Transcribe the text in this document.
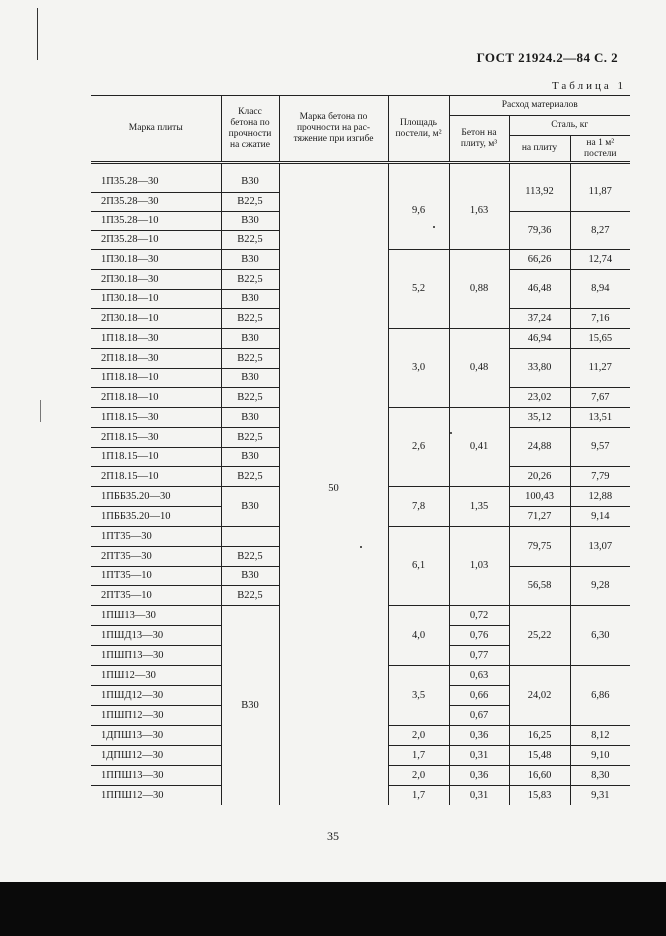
ГОСТ 21924.2—84 С. 2
Таблица 1
Марка плиты	Класс бетона по прочности на сжатие	Марка бетона по прочности на растяжение при изгибе	Площадь постели, м²	Расход материалов		
				Бетон на плиту, м³	Сталь, кг	
					на плиту	на 1 м² постели

1П35.28—30	В30	50	9,6	1,63	113,92	11,87
2П35.28—30	В22,5					
1П35.28—10	В30				79,36	8,27
2П35.28—10	В22,5					
1П30.18—30	В30		5,2	0,88	66,26	12,74
2П30.18—30	В22,5				46,48	8,94
1П30.18—10	В30					
2П30.18—10	В22,5				37,24	7,16
1П18.18—30	В30		3,0	0,48	46,94	15,65
2П18.18—30	В22,5				33,80	11,27
1П18.18—10	В30					
2П18.18—10	В22,5				23,02	7,67
1П18.15—30	В30		2,6	0,41	35,12	13,51
2П18.15—30	В22,5				24,88	9,57
1П18.15—10	В30					
2П18.15—10	В22,5				20,26	7,79
1ПББ35.20—30	В30		7,8	1,35	100,43	12,88
1ПББ35.20—10					71,27	9,14
1ПТ35—30			6,1	1,03	79,75	13,07
2ПТ35—30	В22,5					
1ПТ35—10	В30				56,58	9,28
2ПТ35—10	В22,5					
1ПШ13—30	В30		4,0	0,72	25,22	6,30
1ПШД13—30				0,76		
1ПШП13—30				0,77		
1ПШ12—30			3,5	0,63	24,02	6,86
1ПШД12—30				0,66		
1ПШП12—30				0,67		
1ДПШ13—30			2,0	0,36	16,25	8,12
1ДПШ12—30			1,7	0,31	15,48	9,10
1ППШ13—30			2,0	0,36	16,60	8,30
1ППШ12—30			1,7	0,31	15,83	9,31
35
